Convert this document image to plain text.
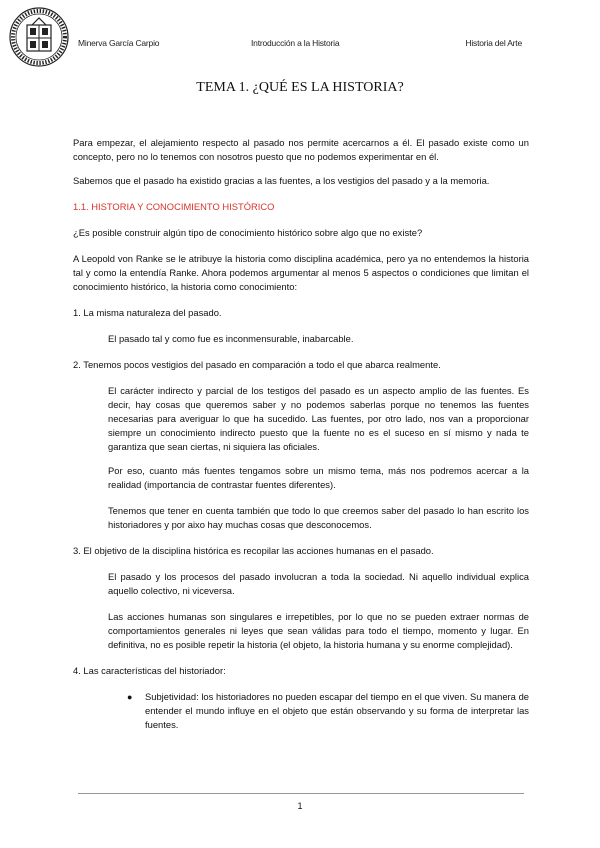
Minerva García Carpio	Introducción a la Historia	Historia del Arte
TEMA 1. ¿QUÉ ES LA HISTORIA?

Para empezar, el alejamiento respecto al pasado nos permite acercarnos a él. El pasado existe como un concepto, pero no lo tenemos con nosotros puesto que no podemos experimentar en él.

Sabemos que el pasado ha existido gracias a las fuentes, a los vestigios del pasado y a la memoria.

1.1. HISTORIA Y CONOCIMIENTO HISTÓRICO

¿Es posible construir algún tipo de conocimiento histórico sobre algo que no existe?

A Leopold von Ranke se le atribuye la historia como disciplina académica, pero ya no entendemos la historia tal y como la entendía Ranke. Ahora podemos argumentar al menos 5 aspectos o condiciones que limitan el conocimiento histórico, la historia como conocimiento:

1. La misma naturaleza del pasado.

El pasado tal y como fue es inconmensurable, inabarcable.

2. Tenemos pocos vestigios del pasado en comparación a todo el que abarca realmente.

El carácter indirecto y parcial de los testigos del pasado es un aspecto amplio de las fuentes. Es decir, hay cosas que queremos saber y no podemos saberlas porque no tenemos las fuentes necesarias para averiguar lo que ha sucedido. Las fuentes, por otro lado, nos van a proporcionar siempre un conocimiento indirecto puesto que la fuente no es el suceso en sí mismo y nada te garantiza que sean ciertas, ni siquiera las oficiales.

Por eso, cuanto más fuentes tengamos sobre un mismo tema, más nos podremos acercar a la realidad (importancia de contrastar fuentes diferentes).

Tenemos que tener en cuenta también que todo lo que creemos saber del pasado lo han escrito los historiadores y por aixo hay muchas cosas que desconocemos.

3. El objetivo de la disciplina histórica es recopilar las acciones humanas en el pasado.

El pasado y los procesos del pasado involucran a toda la sociedad. Ni aquello individual explica aquello colectivo, ni viceversa.

Las acciones humanas son singulares e irrepetibles, por lo que no se pueden extraer normas de comportamientos generales ni leyes que sean válidas para todo el tiempo, momento y lugar. En definitiva, no es posible repetir la historia (el objeto, la historia humana y su enorme complejidad).

4. Las características del historiador:

● Subjetividad: los historiadores no pueden escapar del tiempo en el que viven. Su manera de entender el mundo influye en el objeto que están observando y su forma de interpretar las fuentes.

1
